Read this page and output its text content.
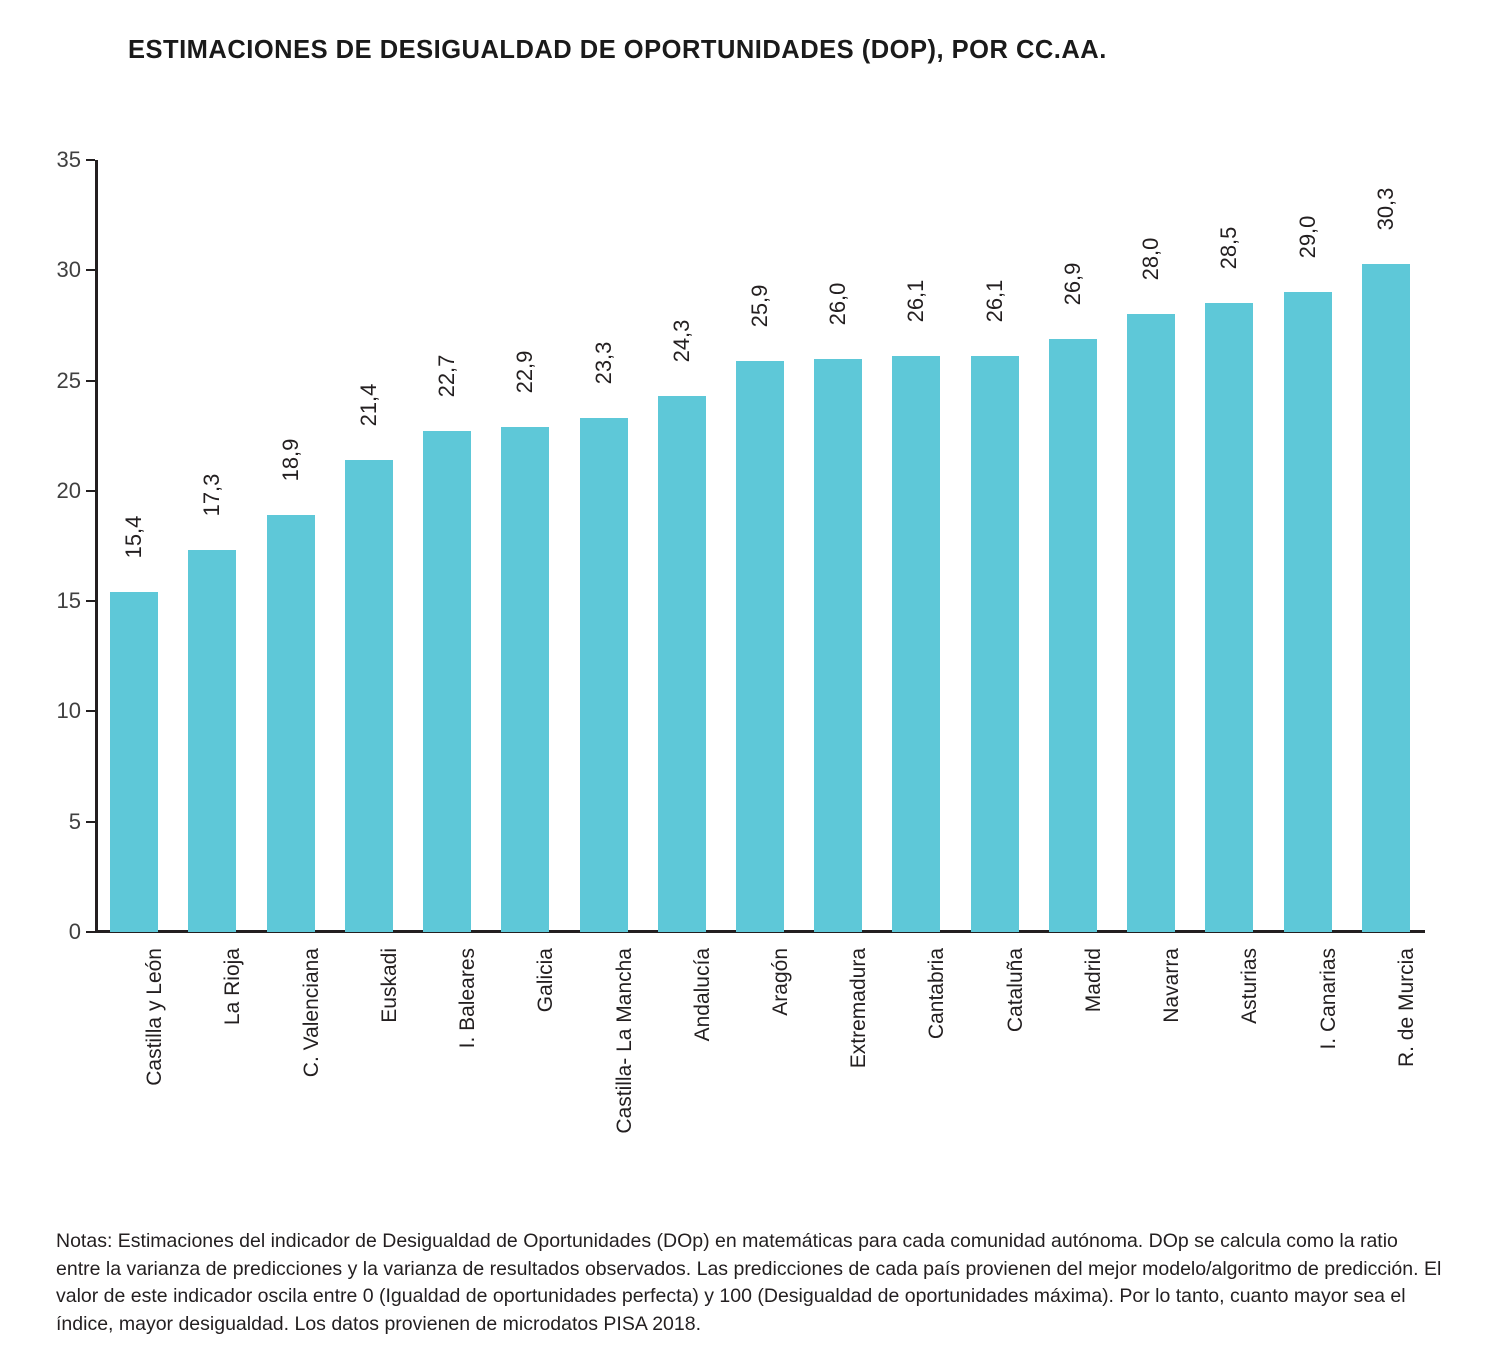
ESTIMACIONES DE DESIGUALDAD DE OPORTUNIDADES (DOP), POR CC.AA.
0
5
10
15
20
25
30
35
15,4
17,3
18,9
21,4
22,7 22,9 23,3
24,3
25,9 26,0 26,1 26,1 26,9
28,0 28,5 29,0
30,3
Castilla y León	La Rioja	C. Valenciana	Euskadi	I. Baleares	Galicia	Castilla- La Mancha	Andalucía	Aragón	Extremadura	Cantabria	Cataluña	Madrid	Navarra	Asturias	I. Canarias	R. de Murcia
Notas: Estimaciones del indicador de Desigualdad de Oportunidades (DOp) en matemáticas para cada comunidad autónoma. DOp se calcula como la ratio entre la varianza de predicciones y la varianza de resultados observados. Las predicciones de cada país provienen del mejor modelo/algoritmo de predicción. El valor de este indicador oscila entre 0 (Igualdad de oportunidades perfecta) y 100 (Desigualdad de oportunidades máxima). Por lo tanto, cuanto mayor sea el índice, mayor desigualdad. Los datos provienen de microdatos PISA 2018.
